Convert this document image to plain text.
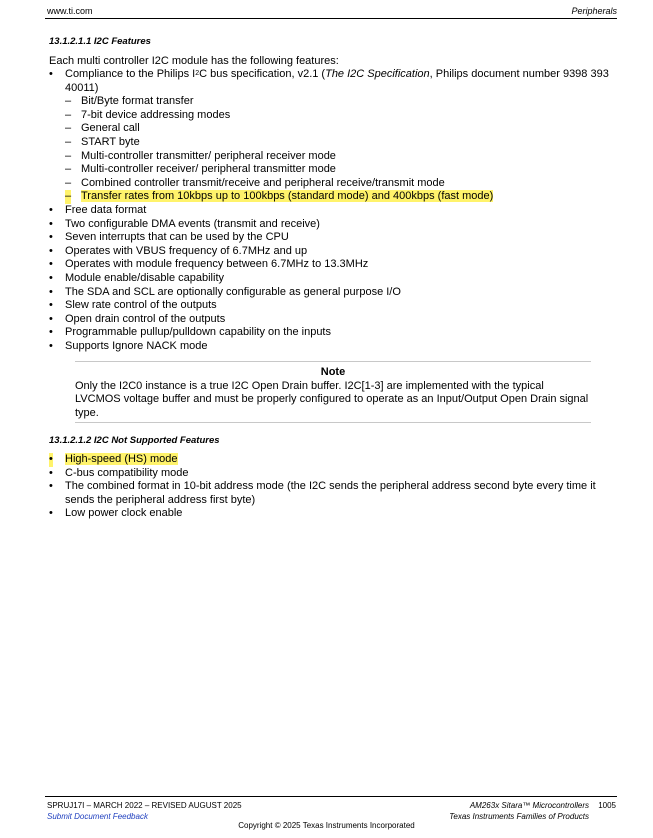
www.ti.com	Peripherals
13.1.2.1.1 I2C Features
Each multi controller I2C module has the following features:
• Compliance to the Philips $I^2C$ bus specification, v2.1 (The I2C Specification, Philips document number 9398 393 40011)
– Bit/Byte format transfer
– 7-bit device addressing modes
– General call
– START byte
– Multi-controller transmitter/ peripheral receiver mode
– Multi-controller receiver/ peripheral transmitter mode
– Combined controller transmit/receive and peripheral receive/transmit mode
– Transfer rates from 10kbps up to 100kbps (standard mode) and 400kbps (fast mode)
• Free data format
• Two configurable DMA events (transmit and receive)
• Seven interrupts that can be used by the CPU
• Operates with VBUS frequency of 6.7MHz and up
• Operates with module frequency between 6.7MHz to 13.3MHz
• Module enable/disable capability
• The SDA and SCL are optionally configurable as general purpose I/O
• Slew rate control of the outputs
• Open drain control of the outputs
• Programmable pullup/pulldown capability on the inputs
• Supports Ignore NACK mode
Note
Only the I2C0 instance is a true I2C Open Drain buffer. I2C[1-3] are implemented with the typical LVCMOS voltage buffer and must be properly configured to operate as an Input/Output Open Drain signal type.
13.1.2.1.2 I2C Not Supported Features
• High-speed (HS) mode
• C-bus compatibility mode
• The combined format in 10-bit address mode (the I2C sends the peripheral address second byte every time it sends the peripheral address first byte)
• Low power clock enable
SPRUJ17I – MARCH 2022 – REVISED AUGUST 2025
Submit Document Feedback
AM263x Sitara™ Microcontrollers
Texas Instruments Families of Products
1005
Copyright © 2025 Texas Instruments Incorporated
